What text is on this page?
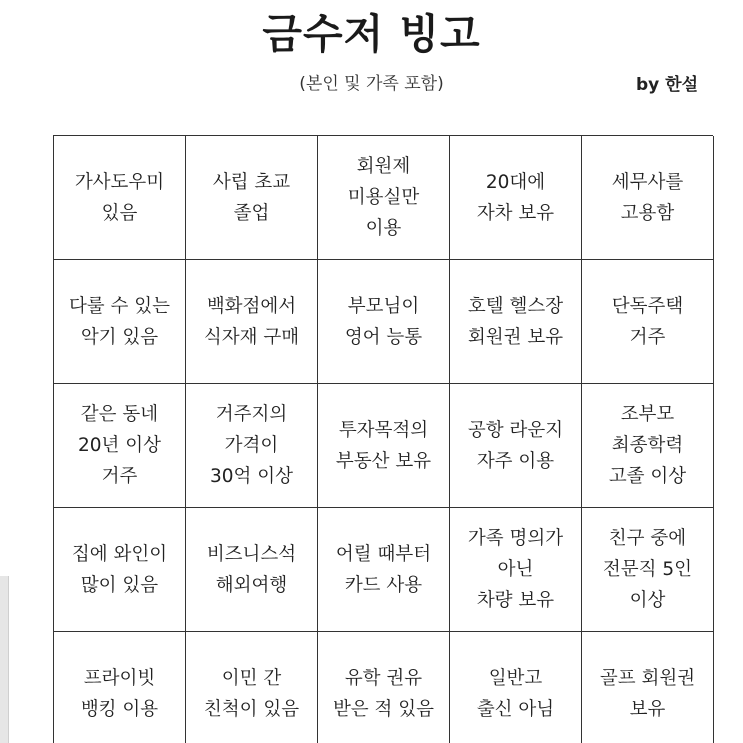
금수저 빙고
(본인 및 가족 포함)	by 한설
가사도우미
있음
사립 초교
졸업
회원제
미용실만
이용
20대에
자차 보유
세무사를
고용함
다룰 수 있는
악기 있음
백화점에서
식자재 구매
부모님이
영어 능통
호텔 헬스장
회원권 보유
단독주택
거주
같은 동네
20년 이상
거주
거주지의
가격이
30억 이상
투자목적의
부동산 보유
공항 라운지
자주 이용
조부모
최종학력
고졸 이상
집에 와인이
많이 있음
비즈니스석
해외여행
어릴 때부터
카드 사용
가족 명의가
아닌
차량 보유
친구 중에
전문직 5인
이상
프라이빗
뱅킹 이용
이민 간
친척이 있음
유학 권유
받은 적 있음
일반고
출신 아님
골프 회원권
보유
